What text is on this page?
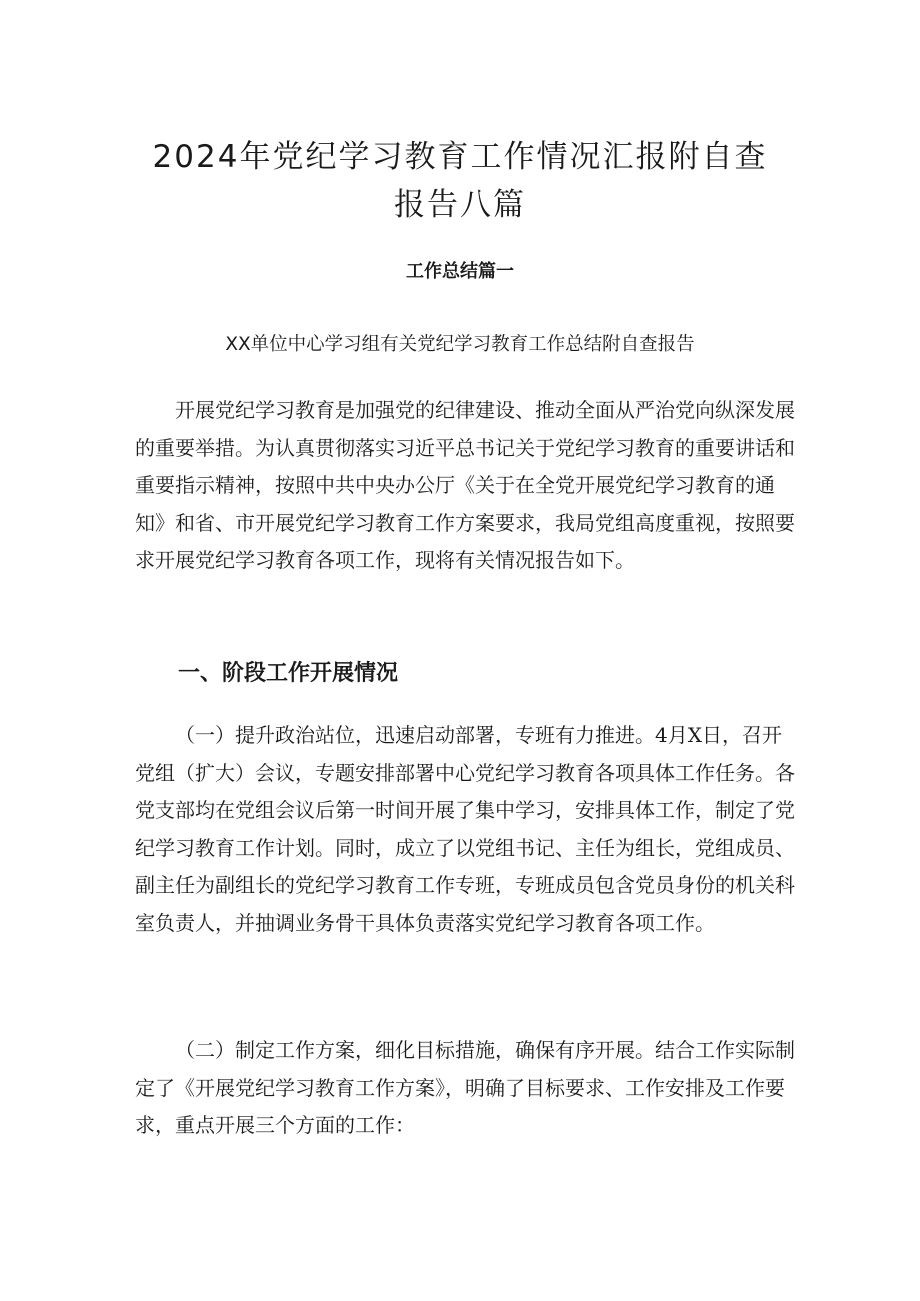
2024年党纪学习教育工作情况汇报附自查
报告八篇
工作总结篇一
XX单位中心学习组有关党纪学习教育工作总结附自查报告

开展党纪学习教育是加强党的纪律建设、推动全面从严治党向纵深发展的重要举措。为认真贯彻落实习近平总书记关于党纪学习教育的重要讲话和重要指示精神，按照中共中央办公厅《关于在全党开展党纪学习教育的通知》和省、市开展党纪学习教育工作方案要求，我局党组高度重视，按照要求开展党纪学习教育各项工作，现将有关情况报告如下。

一、阶段工作开展情况

（一）提升政治站位，迅速启动部署，专班有力推进。4月X日，召开党组（扩大）会议，专题安排部署中心党纪学习教育各项具体工作任务。各党支部均在党组会议后第一时间开展了集中学习，安排具体工作，制定了党纪学习教育工作计划。同时，成立了以党组书记、主任为组长，党组成员、副主任为副组长的党纪学习教育工作专班，专班成员包含党员身份的机关科室负责人，并抽调业务骨干具体负责落实党纪学习教育各项工作。

（二）制定工作方案，细化目标措施，确保有序开展。结合工作实际制定了《开展党纪学习教育工作方案》，明确了目标要求、工作安排及工作要求，重点开展三个方面的工作：
